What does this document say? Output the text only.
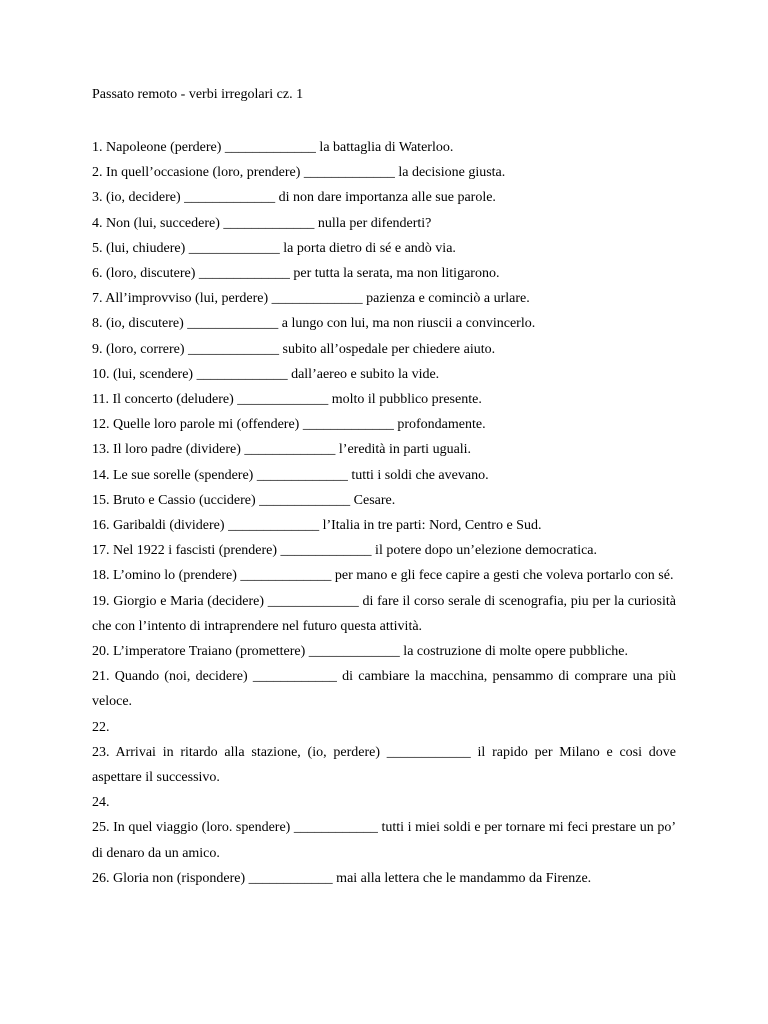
Passato remoto - verbi irregolari cz. 1
1. Napoleone (perdere) _____________ la battaglia di Waterloo.
2. In quell’occasione (loro, prendere) _____________ la decisione giusta.
3. (io, decidere) _____________ di non dare importanza alle sue parole.
4. Non (lui, succedere) _____________ nulla per difenderti?
5. (lui, chiudere) _____________ la porta dietro di sé e andò via.
6. (loro, discutere) _____________ per tutta la serata, ma non litigarono.
7. All’improvviso (lui, perdere) _____________ pazienza e cominciò a urlare.
8. (io, discutere) _____________ a lungo con lui, ma non riuscii a convincerlo.
9. (loro, correre) _____________ subito all’ospedale per chiedere aiuto.
10. (lui, scendere) _____________ dall’aereo e subito la vide.
11. Il concerto (deludere) _____________ molto il pubblico presente.
12. Quelle loro parole mi (offendere) _____________ profondamente.
13. Il loro padre (dividere) _____________ l’eredità in parti uguali.
14. Le sue sorelle (spendere) _____________ tutti i soldi che avevano.
15. Bruto e Cassio (uccidere) _____________ Cesare.
16. Garibaldi (dividere) _____________ l’Italia in tre parti: Nord, Centro e Sud.
17. Nel 1922 i fascisti (prendere) _____________ il potere dopo un’elezione democratica.
18. L’omino lo (prendere) _____________ per mano e gli fece capire a gesti che voleva portarlo con sé.
19. Giorgio e Maria (decidere) _____________ di fare il corso serale di scenografia, piu per la curiosità che con l’intento di intraprendere nel futuro questa attività.
20. L’imperatore Traiano (promettere) _____________ la costruzione di molte opere pubbliche.
21. Quando (noi, decidere) ____________ di cambiare la macchina, pensammo di comprare una più veloce.
22.
23. Arrivai in ritardo alla stazione, (io, perdere) ____________ il rapido per Milano e cosi dove aspettare il successivo.
24.
25. In quel viaggio (loro. spendere) ____________ tutti i miei soldi e per tornare mi feci prestare un po’ di denaro da un amico.
26. Gloria non (rispondere) ____________ mai alla lettera che le mandammo da Firenze.
